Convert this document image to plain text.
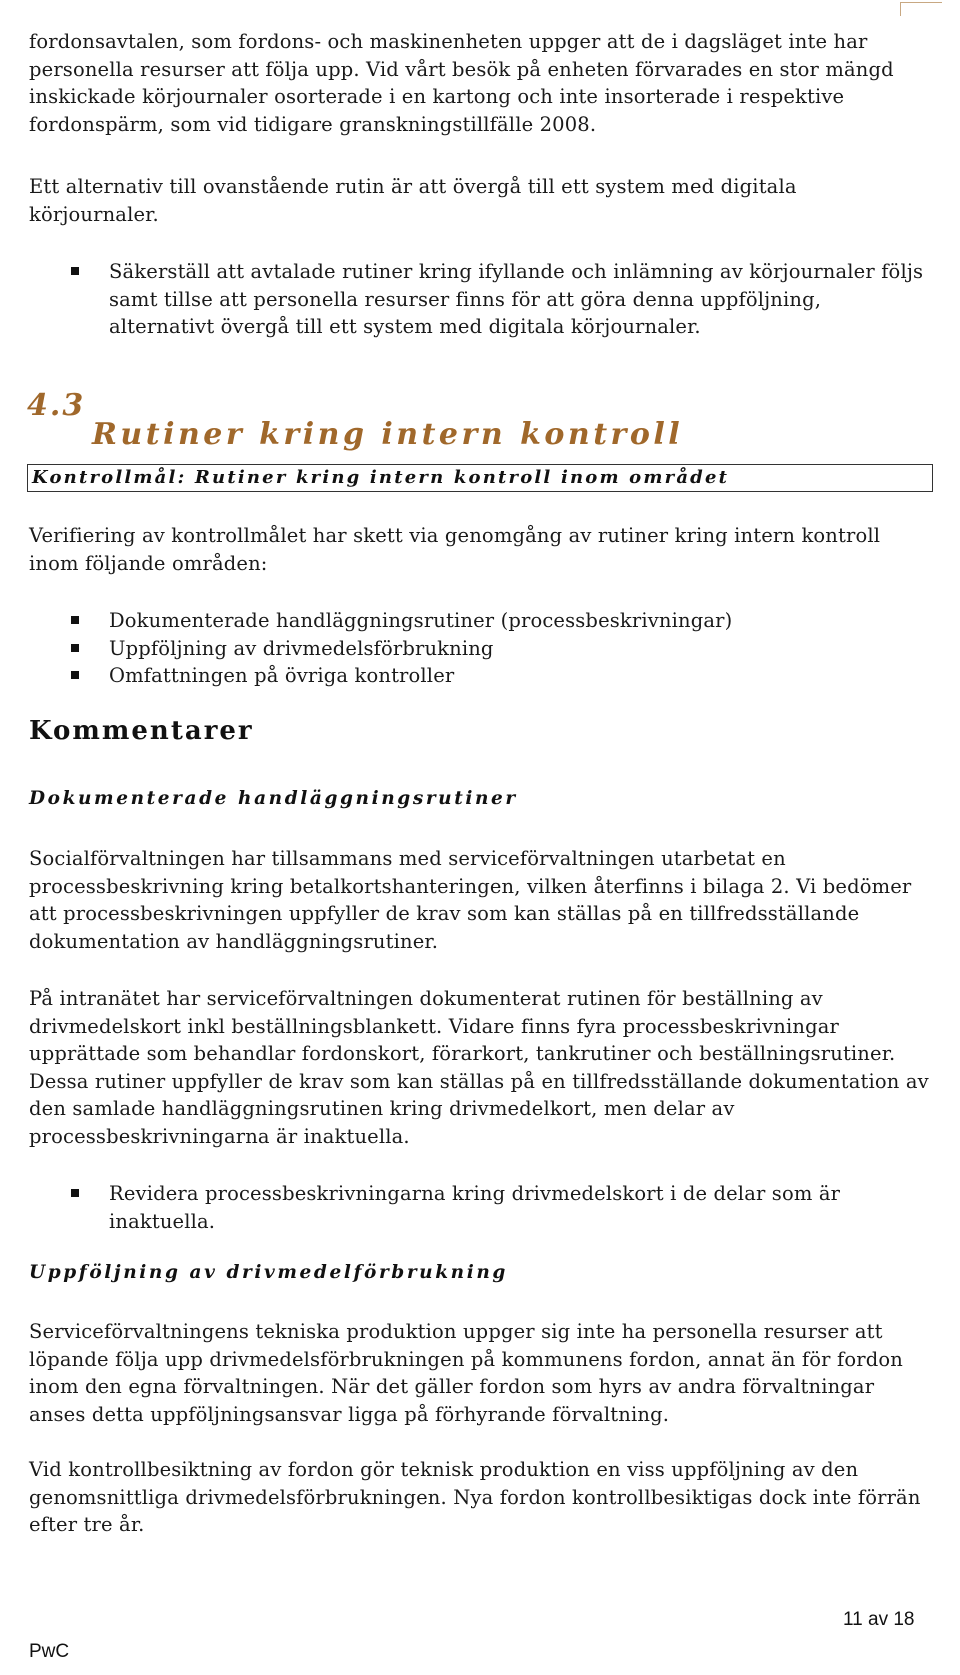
fordonsavtalen, som fordons- och maskinenheten uppger att de i dagsläget inte har personella resurser att följa upp. Vid vårt besök på enheten förvarades en stor mängd inskickade körjournaler osorterade i en kartong och inte insorterade i respektive fordonspärm, som vid tidigare granskningstillfälle 2008.

Ett alternativ till ovanstående rutin är att övergå till ett system med digitala körjournaler.

Säkerställ att avtalade rutiner kring ifyllande och inlämning av körjournaler följs samt tillse att personella resurser finns för att göra denna uppföljning, alternativt övergå till ett system med digitala körjournaler.
4.3
Rutiner kring intern kontroll
Kontrollmål: Rutiner kring intern kontroll inom området

Verifiering av kontrollmålet har skett via genomgång av rutiner kring intern kontroll inom följande områden:

Dokumenterade handläggningsrutiner (processbeskrivningar)
Uppföljning av drivmedelsförbrukning
Omfattningen på övriga kontroller
Kommentarer
Dokumenterade handläggningsrutiner

Socialförvaltningen har tillsammans med serviceförvaltningen utarbetat en processbeskrivning kring betalkortshanteringen, vilken återfinns i bilaga 2. Vi bedömer att processbeskrivningen uppfyller de krav som kan ställas på en tillfredsställande dokumentation av handläggningsrutiner.

På intranätet har serviceförvaltningen dokumenterat rutinen för beställning av drivmedelskort inkl beställningsblankett. Vidare finns fyra processbeskrivningar upprättade som behandlar fordonskort, förarkort, tankrutiner och beställningsrutiner. Dessa rutiner uppfyller de krav som kan ställas på en tillfredsställande dokumentation av den samlade handläggningsrutinen kring drivmedelkort, men delar av processbeskrivningarna är inaktuella.

Revidera processbeskrivningarna kring drivmedelskort i de delar som är inaktuella.
Uppföljning av drivmedelförbrukning

Serviceförvaltningens tekniska produktion uppger sig inte ha personella resurser att löpande följa upp drivmedelsförbrukningen på kommunens fordon, annat än för fordon inom den egna förvaltningen. När det gäller fordon som hyrs av andra förvaltningar anses detta uppföljningsansvar ligga på förhyrande förvaltning.

Vid kontrollbesiktning av fordon gör teknisk produktion en viss uppföljning av den genomsnittliga drivmedelsförbrukningen. Nya fordon kontrollbesiktigas dock inte förrän efter tre år.

11 av 18
PwC
